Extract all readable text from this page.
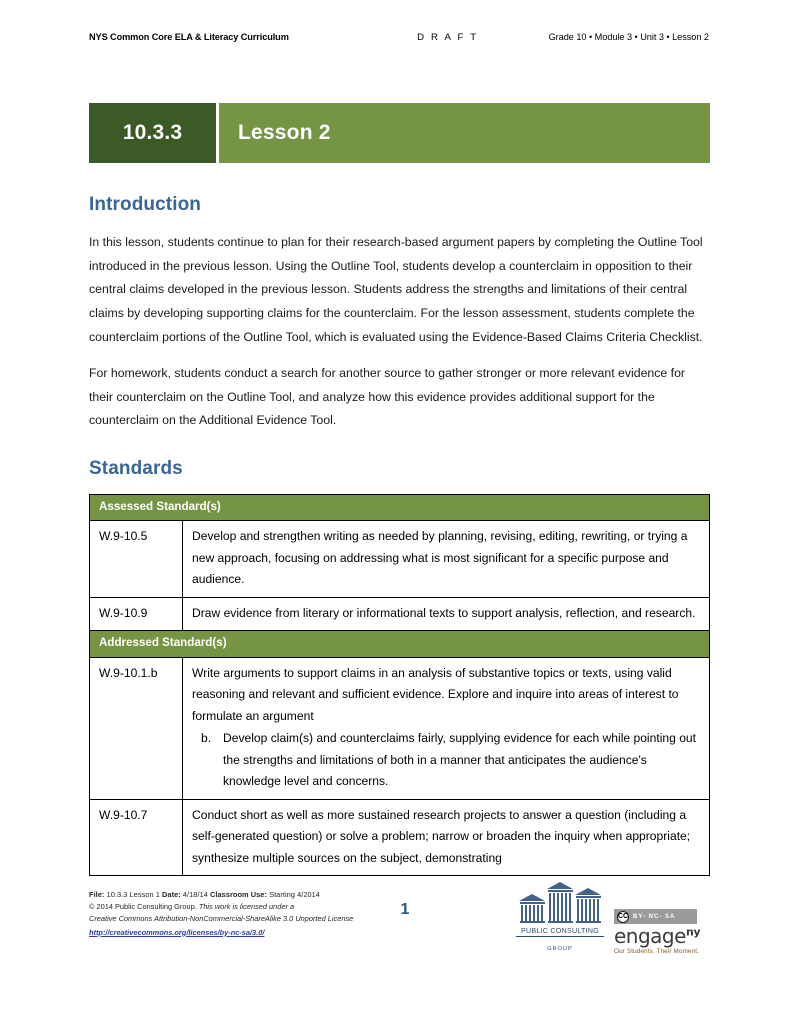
NYS Common Core ELA & Literacy Curriculum	D R A F T	Grade 10 • Module 3 • Unit 3 • Lesson 2
10.3.3	Lesson 2
Introduction
In this lesson, students continue to plan for their research-based argument papers by completing the Outline Tool introduced in the previous lesson. Using the Outline Tool, students develop a counterclaim in opposition to their central claims developed in the previous lesson. Students address the strengths and limitations of their central claims by developing supporting claims for the counterclaim. For the lesson assessment, students complete the counterclaim portions of the Outline Tool, which is evaluated using the Evidence-Based Claims Criteria Checklist.
For homework, students conduct a search for another source to gather stronger or more relevant evidence for their counterclaim on the Outline Tool, and analyze how this evidence provides additional support for the counterclaim on the Additional Evidence Tool.
Standards
Assessed Standard(s)	
W.9-10.5	Develop and strengthen writing as needed by planning, revising, editing, rewriting, or trying a new approach, focusing on addressing what is most significant for a specific purpose and audience.
W.9-10.9	Draw evidence from literary or informational texts to support analysis, reflection, and research.
Addressed Standard(s)	
W.9-10.1.b	Write arguments to support claims in an analysis of substantive topics or texts, using valid reasoning and relevant and sufficient evidence. Explore and inquire into areas of interest to formulate an argument
b. Develop claim(s) and counterclaims fairly, supplying evidence for each while pointing out the strengths and limitations of both in a manner that anticipates the audience's knowledge level and concerns.

W.9-10.7	Conduct short as well as more sustained research projects to answer a question (including a self-generated question) or solve a problem; narrow or broaden the inquiry when appropriate; synthesize multiple sources on the subject, demonstrating
File: 10.3.3 Lesson 1 Date: 4/18/14 Classroom Use: Starting 4/2014
© 2014 Public Consulting Group. This work is licensed under a
Creative Commons Attribution-NonCommercial-ShareAlike 3.0 Unported License
http://creativecommons.org/licenses/by-nc-sa/3.0/
1
PUBLIC CONSULTING
GROUP
CC BY- NC- SA
engage$^{ny}$
Our Students. Their Moment.
